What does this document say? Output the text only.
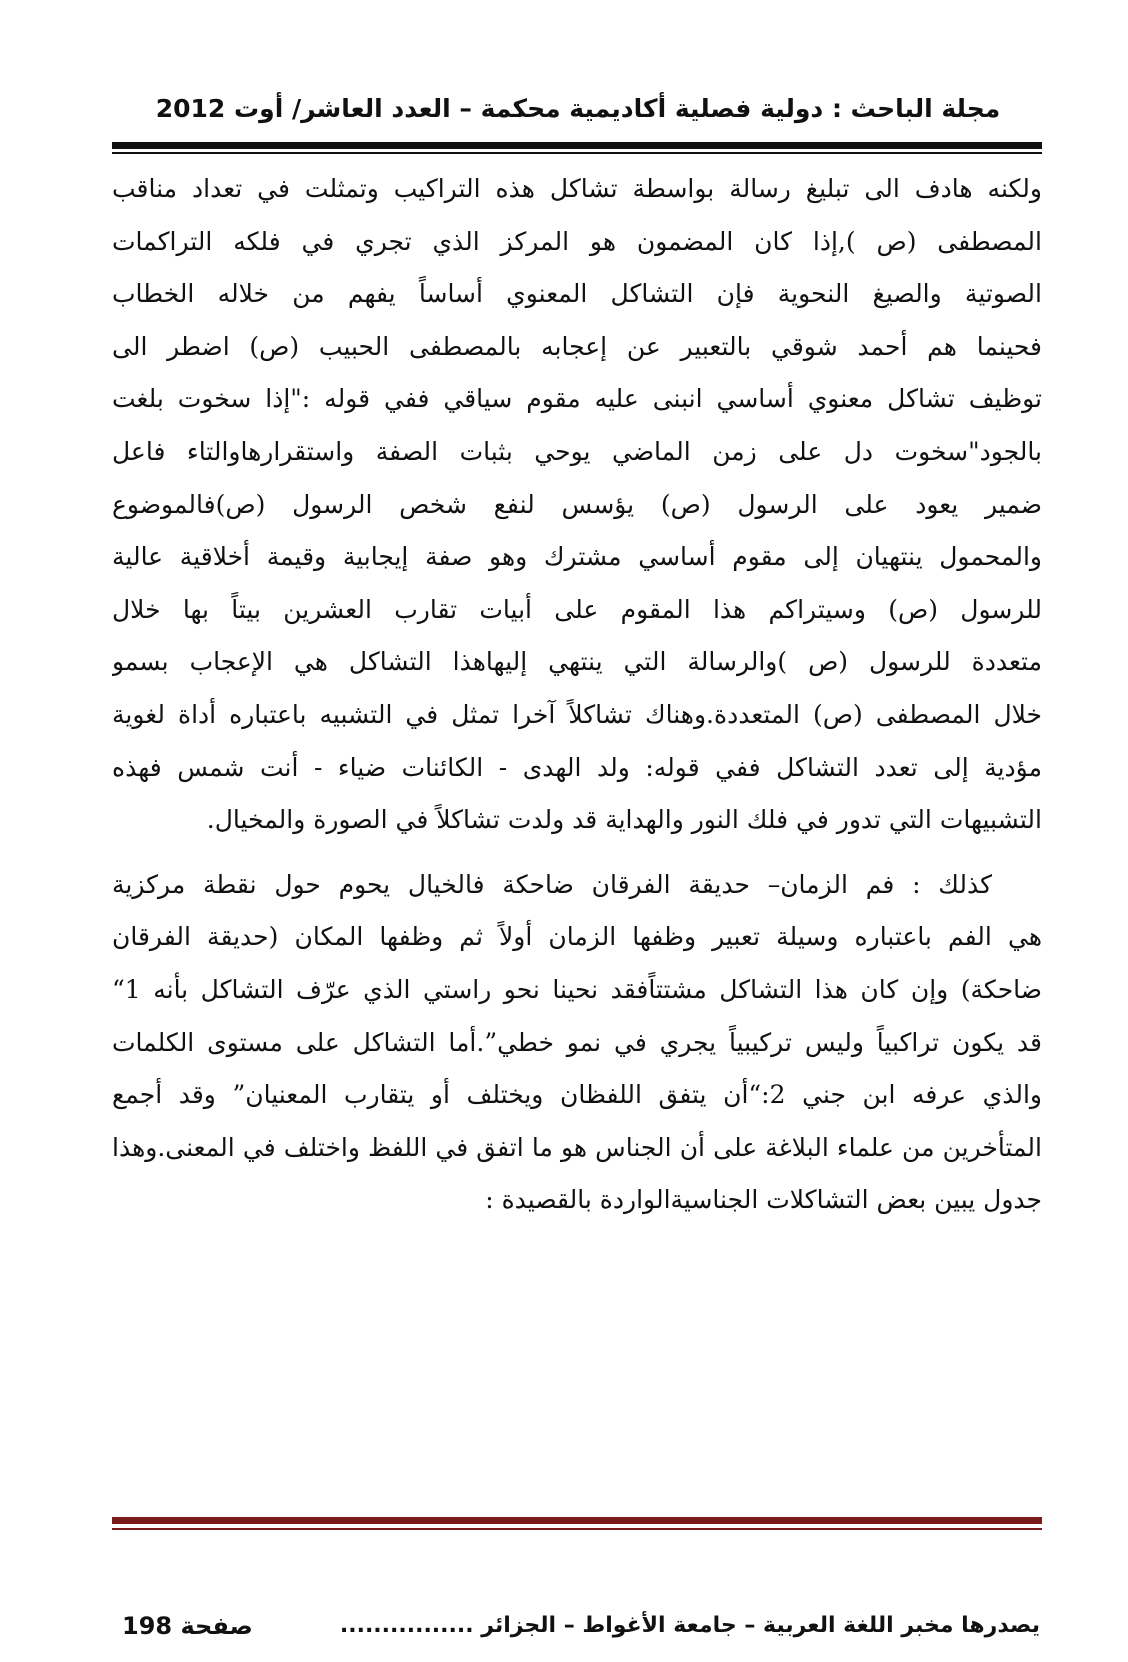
مجلة الباحث : دولية فصلية أكاديمية محكمة – العدد العاشر/ أوت 2012
ولكنه هادف الى تبليغ رسالة بواسطة تشاكل هذه التراكيب وتمثلت في تعداد مناقب
المصطفى (ص ),إذا كان المضمون هو المركز الذي تجري في فلكه التراكمات
الصوتية والصيغ النحوية فإن التشاكل المعنوي أساساً يفهم من خلاله الخطاب
فحينما هم أحمد شوقي بالتعبير عن إعجابه بالمصطفى الحبيب (ص) اضطر الى
توظيف تشاكل معنوي أساسي انبنى عليه مقوم سياقي ففي قوله :"إذا سخوت بلغت
بالجود"سخوت دل على زمن الماضي يوحي بثبات الصفة واستقرارهاوالتاء فاعل
ضمير يعود على الرسول (ص) يؤسس لنفع شخص الرسول (ص)فالموضوع
والمحمول ينتهيان إلى مقوم أساسي مشترك وهو صفة إيجابية وقيمة أخلاقية عالية
للرسول (ص) وسيتراكم هذا المقوم على أبيات تقارب العشرين بيتاً بها خلال
متعددة للرسول (ص )والرسالة التي ينتهي إليهاهذا التشاكل هي الإعجاب بسمو
خلال المصطفى (ص) المتعددة.وهناك تشاكلاً آخرا تمثل في التشبيه باعتباره أداة لغوية
مؤدية إلى تعدد التشاكل ففي قوله: ولد الهدى - الكائنات ضياء - أنت شمس فهذه
التشبيهات التي تدور في فلك النور والهداية قد ولدت تشاكلاً في الصورة والمخيال.
كذلك : فم الزمان– حديقة الفرقان ضاحكة فالخيال يحوم حول نقطة مركزية
هي الفم باعتباره وسيلة تعبير وظفها الزمان أولاً ثم وظفها المكان (حديقة الفرقان
ضاحكة) وإن كان هذا التشاكل مشتتاًفقد نحينا نحو راستي الذي عرّف التشاكل بأنه 1“
قد يكون تراكبياً وليس تركيبياً يجري في نمو خطي”.أما التشاكل على مستوى الكلمات
والذي عرفه ابن جني 2:“أن يتفق اللفظان ويختلف أو يتقارب المعنيان” وقد أجمع
المتأخرين من علماء البلاغة على أن الجناس هو ما اتفق في اللفظ واختلف في المعنى.وهذا
جدول يبين بعض التشاكلات الجناسيةالواردة بالقصيدة :
صفحة 198	يصدرها مخبر اللغة العربية – جامعة الأغواط – الجزائر ................
